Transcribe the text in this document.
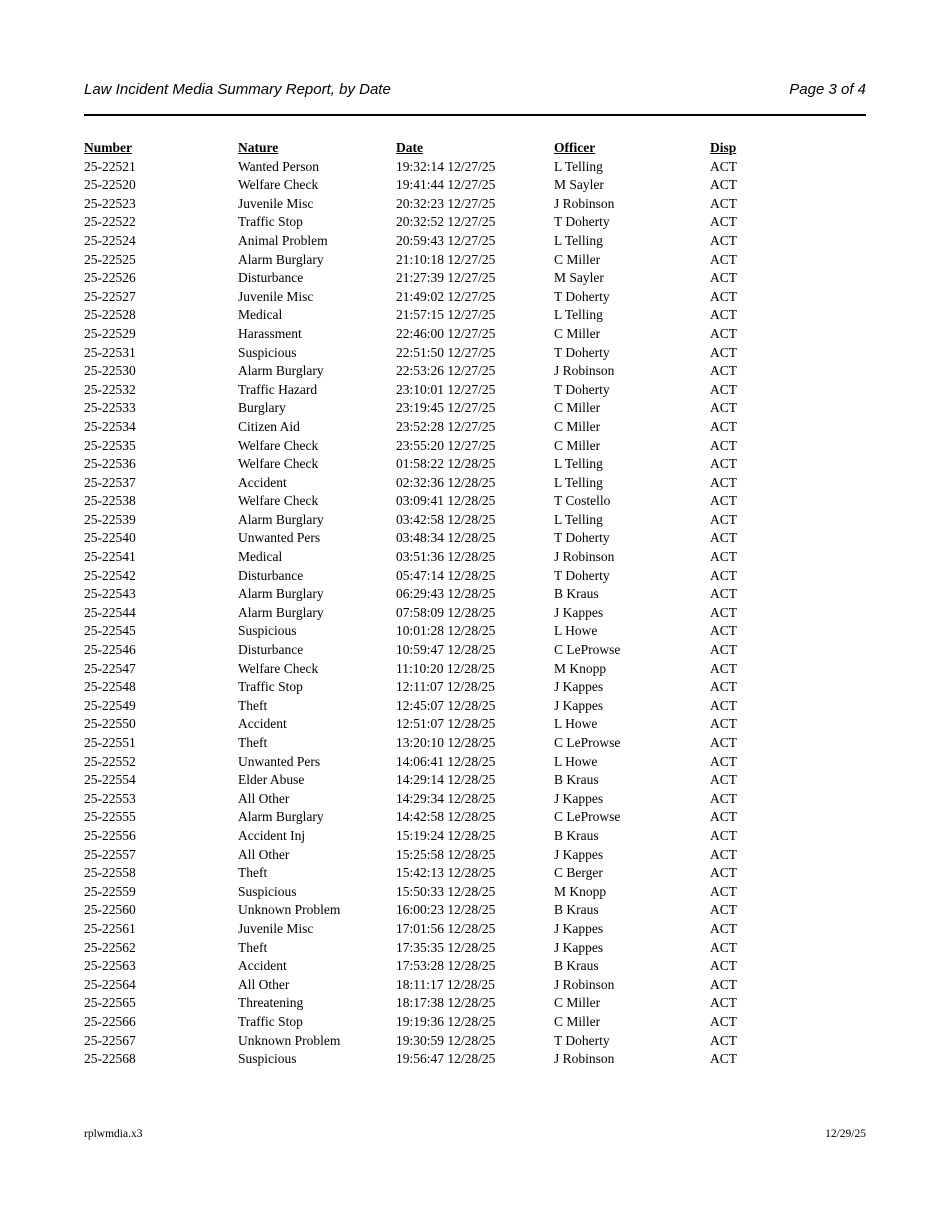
Law Incident Media Summary Report, by Date	Page 3 of 4
Number	Nature	Date	Officer	Disp
25-22521	Wanted Person	19:32:14 12/27/25	L Telling	ACT
25-22520	Welfare Check	19:41:44 12/27/25	M Sayler	ACT
25-22523	Juvenile Misc	20:32:23 12/27/25	J Robinson	ACT
25-22522	Traffic Stop	20:32:52 12/27/25	T Doherty	ACT
25-22524	Animal Problem	20:59:43 12/27/25	L Telling	ACT
25-22525	Alarm Burglary	21:10:18 12/27/25	C Miller	ACT
25-22526	Disturbance	21:27:39 12/27/25	M Sayler	ACT
25-22527	Juvenile Misc	21:49:02 12/27/25	T Doherty	ACT
25-22528	Medical	21:57:15 12/27/25	L Telling	ACT
25-22529	Harassment	22:46:00 12/27/25	C Miller	ACT
25-22531	Suspicious	22:51:50 12/27/25	T Doherty	ACT
25-22530	Alarm Burglary	22:53:26 12/27/25	J Robinson	ACT
25-22532	Traffic Hazard	23:10:01 12/27/25	T Doherty	ACT
25-22533	Burglary	23:19:45 12/27/25	C Miller	ACT
25-22534	Citizen Aid	23:52:28 12/27/25	C Miller	ACT
25-22535	Welfare Check	23:55:20 12/27/25	C Miller	ACT
25-22536	Welfare Check	01:58:22 12/28/25	L Telling	ACT
25-22537	Accident	02:32:36 12/28/25	L Telling	ACT
25-22538	Welfare Check	03:09:41 12/28/25	T Costello	ACT
25-22539	Alarm Burglary	03:42:58 12/28/25	L Telling	ACT
25-22540	Unwanted Pers	03:48:34 12/28/25	T Doherty	ACT
25-22541	Medical	03:51:36 12/28/25	J Robinson	ACT
25-22542	Disturbance	05:47:14 12/28/25	T Doherty	ACT
25-22543	Alarm Burglary	06:29:43 12/28/25	B Kraus	ACT
25-22544	Alarm Burglary	07:58:09 12/28/25	J Kappes	ACT
25-22545	Suspicious	10:01:28 12/28/25	L Howe	ACT
25-22546	Disturbance	10:59:47 12/28/25	C LeProwse	ACT
25-22547	Welfare Check	11:10:20 12/28/25	M Knopp	ACT
25-22548	Traffic Stop	12:11:07 12/28/25	J Kappes	ACT
25-22549	Theft	12:45:07 12/28/25	J Kappes	ACT
25-22550	Accident	12:51:07 12/28/25	L Howe	ACT
25-22551	Theft	13:20:10 12/28/25	C LeProwse	ACT
25-22552	Unwanted Pers	14:06:41 12/28/25	L Howe	ACT
25-22554	Elder Abuse	14:29:14 12/28/25	B Kraus	ACT
25-22553	All Other	14:29:34 12/28/25	J Kappes	ACT
25-22555	Alarm Burglary	14:42:58 12/28/25	C LeProwse	ACT
25-22556	Accident Inj	15:19:24 12/28/25	B Kraus	ACT
25-22557	All Other	15:25:58 12/28/25	J Kappes	ACT
25-22558	Theft	15:42:13 12/28/25	C Berger	ACT
25-22559	Suspicious	15:50:33 12/28/25	M Knopp	ACT
25-22560	Unknown Problem	16:00:23 12/28/25	B Kraus	ACT
25-22561	Juvenile Misc	17:01:56 12/28/25	J Kappes	ACT
25-22562	Theft	17:35:35 12/28/25	J Kappes	ACT
25-22563	Accident	17:53:28 12/28/25	B Kraus	ACT
25-22564	All Other	18:11:17 12/28/25	J Robinson	ACT
25-22565	Threatening	18:17:38 12/28/25	C Miller	ACT
25-22566	Traffic Stop	19:19:36 12/28/25	C Miller	ACT
25-22567	Unknown Problem	19:30:59 12/28/25	T Doherty	ACT
25-22568	Suspicious	19:56:47 12/28/25	J Robinson	ACT
rplwmdia.x3	12/29/25
